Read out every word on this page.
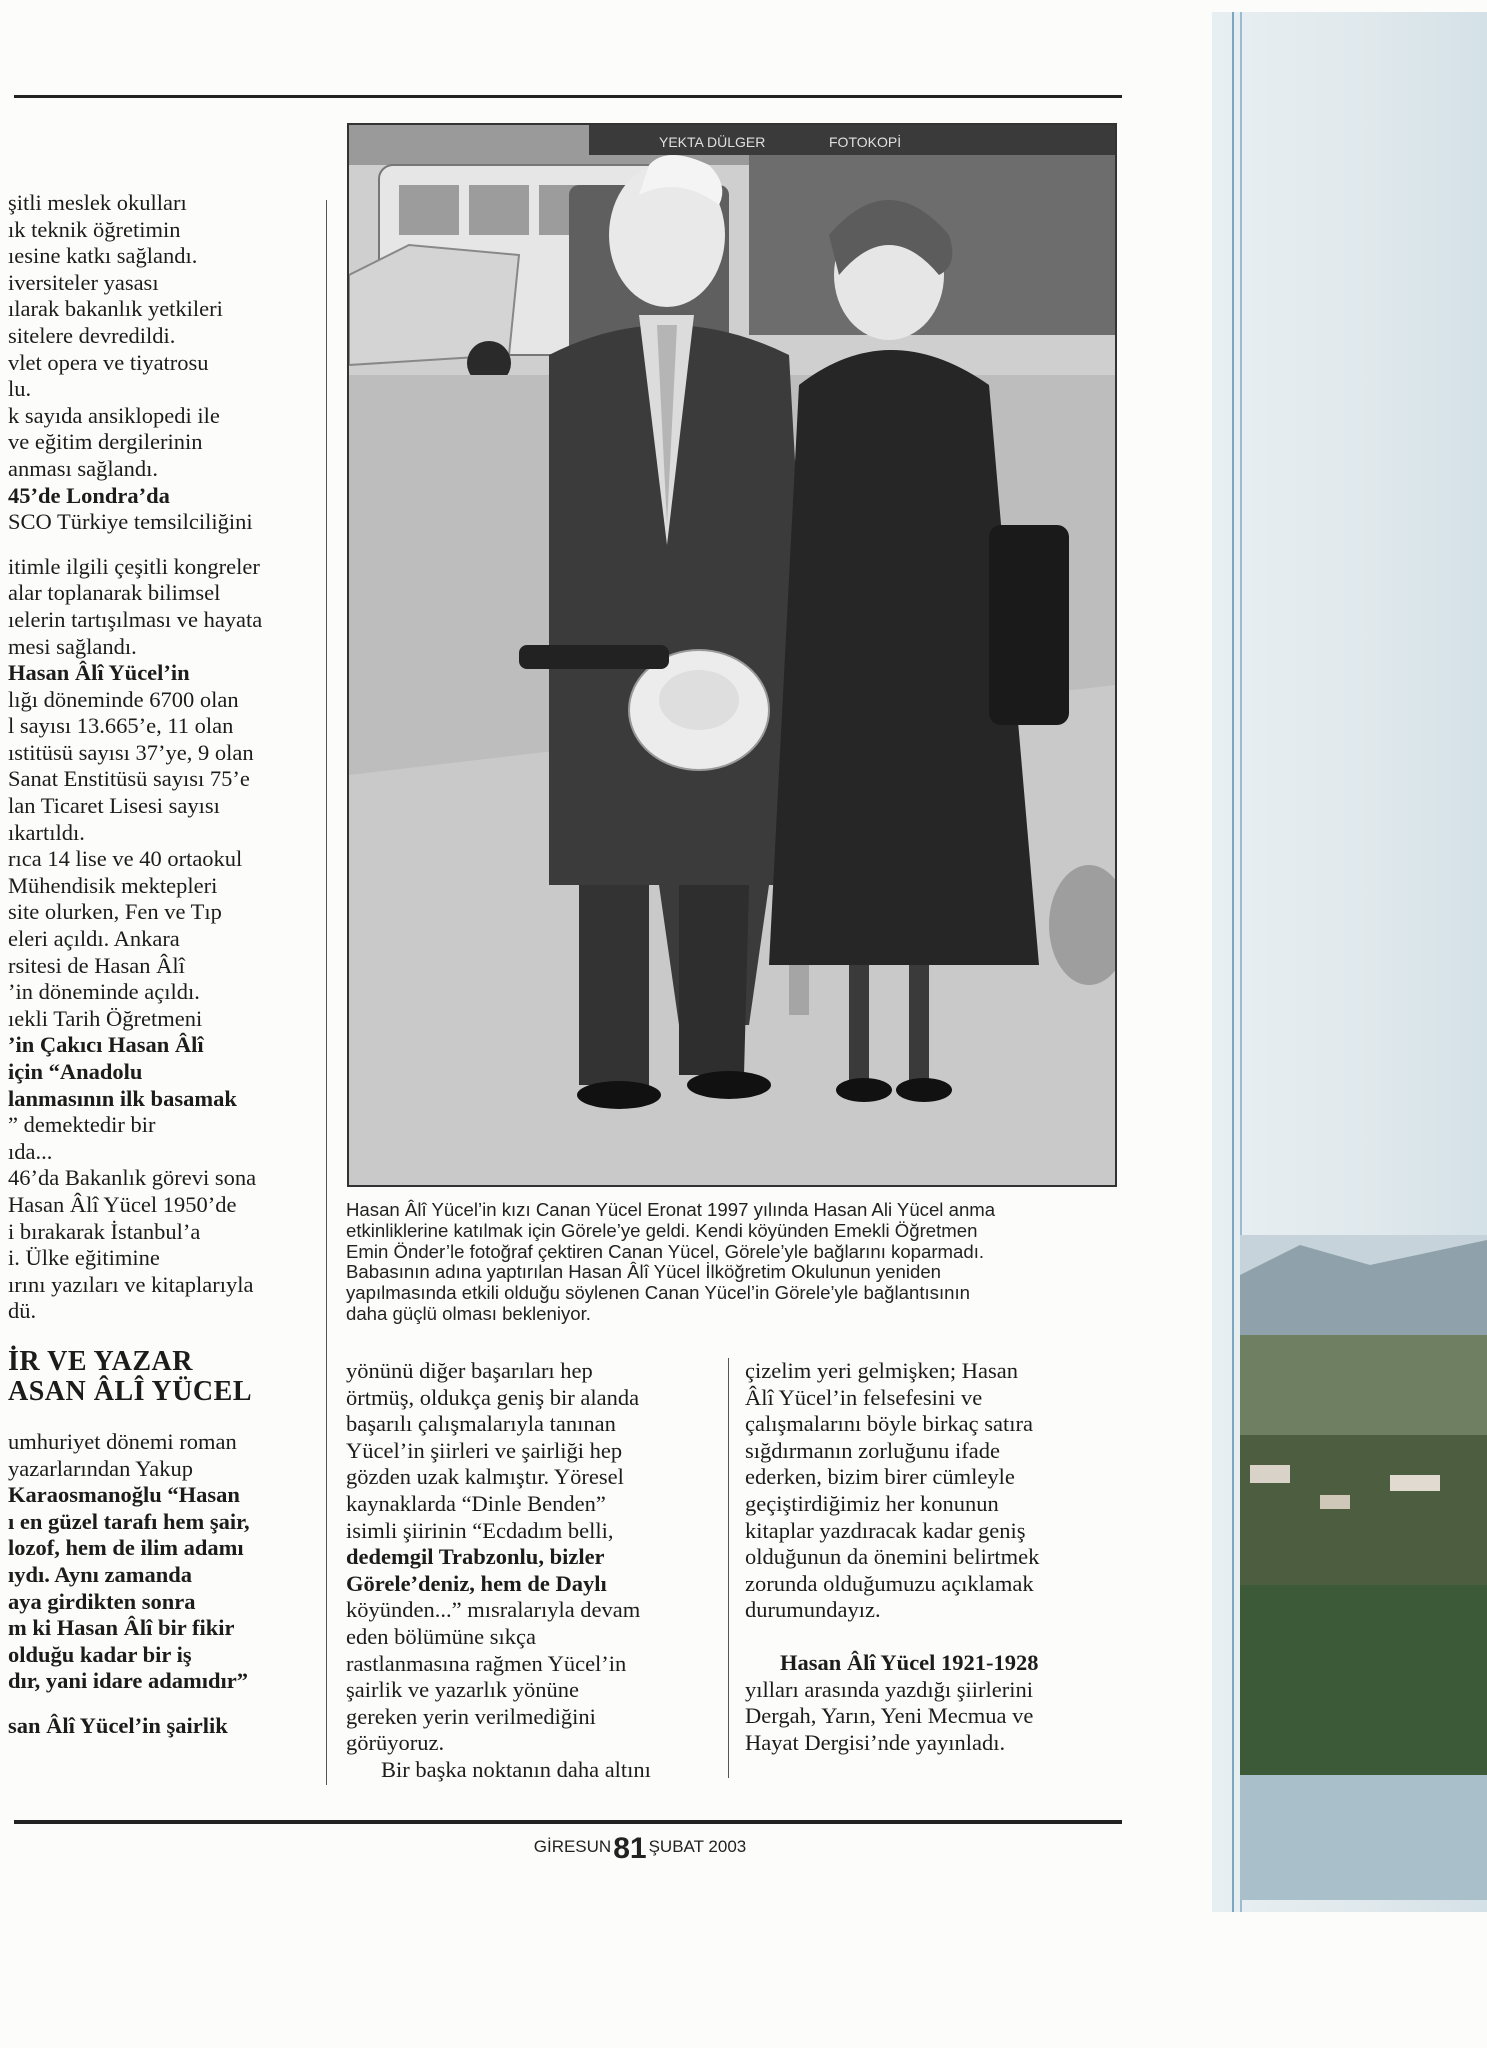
şitli meslek okulları

ık teknik öğretimin

ıesine katkı sağlandı.

iversiteler yasası

ılarak bakanlık yetkileri

sitelere devredildi.

vlet opera ve tiyatrosu

lu.

k sayıda ansiklopedi ile

ve eğitim dergilerinin

anması sağlandı.

45’de Londra’da

SCO Türkiye temsilciliğini

itimle ilgili çeşitli kongreler

alar toplanarak bilimsel

ıelerin tartışılması ve hayata

mesi sağlandı.

Hasan Âlî Yücel’in

lığı döneminde 6700 olan

l sayısı 13.665’e, 11 olan

ıstitüsü sayısı 37’ye, 9 olan

Sanat Enstitüsü sayısı 75’e

lan Ticaret Lisesi sayısı

ıkartıldı.

rıca 14 lise ve 40 ortaokul

Mühendisik mektepleri

site olurken, Fen ve Tıp

eleri açıldı. Ankara

rsitesi de Hasan Âlî

’in döneminde açıldı.

ıekli Tarih Öğretmeni

’in Çakıcı Hasan Âlî

için “Anadolu

lanmasının ilk basamak

” demektedir bir

ıda...

46’da Bakanlık görevi sona

Hasan Âlî Yücel 1950’de

i bırakarak İstanbul’a

i. Ülke eğitimine

ırını yazıları ve kitaplarıyla

dü.

İR VE YAZAR
ASAN ÂLÎ YÜCEL

umhuriyet dönemi roman

yazarlarından Yakup

Karaosmanoğlu “Hasan

ı en güzel tarafı hem şair,

lozof, hem de ilim adamı

ıydı. Aynı zamanda

aya girdikten sonra

m ki Hasan Âlî bir fikir

olduğu kadar bir iş

dır, yani idare adamıdır”

san Âlî Yücel’in şairlik

YEKTA DÜLGER	FOTOKOPİ

Hasan Âlî Yücel’in kızı Canan Yücel Eronat 1997 yılında Hasan Ali Yücel anma

etkinliklerine katılmak için Görele’ye geldi. Kendi köyünden Emekli Öğretmen

Emin Önder’le fotoğraf çektiren Canan Yücel, Görele’yle bağlarını koparmadı.

Babasının adına yaptırılan Hasan Âlî Yücel İlköğretim Okulunun yeniden

yapılmasında etkili olduğu söylenen Canan Yücel’in Görele’yle bağlantısının

daha güçlü olması bekleniyor.

yönünü diğer başarıları hep

örtmüş, oldukça geniş bir alanda

başarılı çalışmalarıyla tanınan

Yücel’in şiirleri ve şairliği hep

gözden uzak kalmıştır. Yöresel

kaynaklarda “Dinle Benden”

isimli şiirinin “Ecdadım belli,

dedemgil Trabzonlu, bizler

Görele’deniz, hem de Daylı

köyünden...” mısralarıyla devam

eden bölümüne sıkça

rastlanmasına rağmen Yücel’in

şairlik ve yazarlık yönüne

gereken yerin verilmediğini

görüyoruz.

Bir başka noktanın daha altını

çizelim yeri gelmişken; Hasan

Âlî Yücel’in felsefesini ve

çalışmalarını böyle birkaç satıra

sığdırmanın zorluğunu ifade

ederken, bizim birer cümleyle

geçiştirdiğimiz her konunun

kitaplar yazdıracak kadar geniş

olduğunun da önemini belirtmek

zorunda olduğumuzu açıklamak

durumundayız.

Hasan Âlî Yücel 1921-1928

yılları arasında yazdığı şiirlerini

Dergah, Yarın, Yeni Mecmua ve

Hayat Dergisi’nde yayınladı.

GİRESUN81 ŞUBAT 2003
